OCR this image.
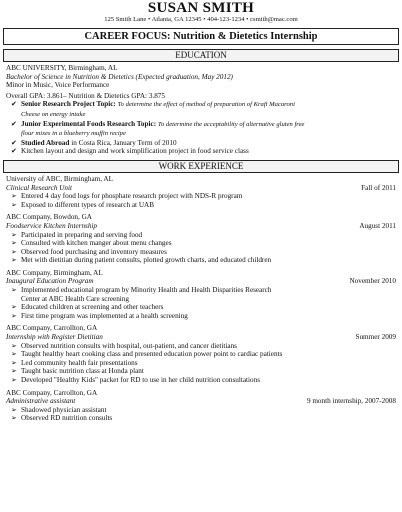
SUSAN SMITH
125 Smith Lane • Atlanta, GA 12345 • 404-123-1234 • csmith@mac.com
CAREER FOCUS: Nutrition & Dietetics Internship
EDUCATION
ABC UNIVERSITY, Birmingham, AL
Bachelor of Science in Nutrition & Dietetics (Expected graduation, May 2012)
Minor in Music, Voice Performance
Overall GPA: 3.861– Nutrition & Dietetics GPA: 3.875
✔ Senior Research Project Topic: To determine the effect of method of preparation of Kraft Macaroni
Cheese on energy intake
✔ Junior Experimental Foods Research Topic: To determine the acceptability of alternative gluten free
flour mixes in a blueberry muffin recipe
✔ Studied Abroad in Costa Rica, January Term of 2010
✔ Kitchen layout and design and work simplification project in food service class
WORK EXPERIENCE
University of ABC, Birmingham, AL
Clinical Research Unit	Fall of 2011
➢ Entered 4 day food logs for phosphate research project with NDS-R program
➢ Exposed to different types of research at UAB
ABC Company, Bowdon, GA
Foodservice Kitchen Internship	August 2011
➢ Participated in preparing and serving food
➢ Consulted with kitchen manger about menu changes
➢ Observed food purchasing and inventory measures
➢ Met with dietitian during patient consults, plotted growth charts, and educated children
ABC Company, Birmingham, AL
Inaugural Education Program	November 2010
➢ Implemented educational program by Minority Health and Health Disparities Research
Center at ABC Health Care screening
➢ Educated children at screening and other teachers
➢ First time program was implemented at a health screening
ABC Company, Carrollton, GA
Internship with Register Dietitian	Summer 2009
➢ Observed nutrition consults with hospital, out-patient, and cancer dietitians
➢ Taught healthy heart cooking class and presented education power point to cardiac patients
➢ Led community health fair presentations
➢ Taught basic nutrition class at Honda plant
➢ Developed "Healthy Kids" packet for RD to use in her child nutrition consultations
ABC Company, Carrollton, GA
Administrative assistant	9 month internship, 2007-2008
➢ Shadowed physician assistant
➢ Observed RD nutrition consults
